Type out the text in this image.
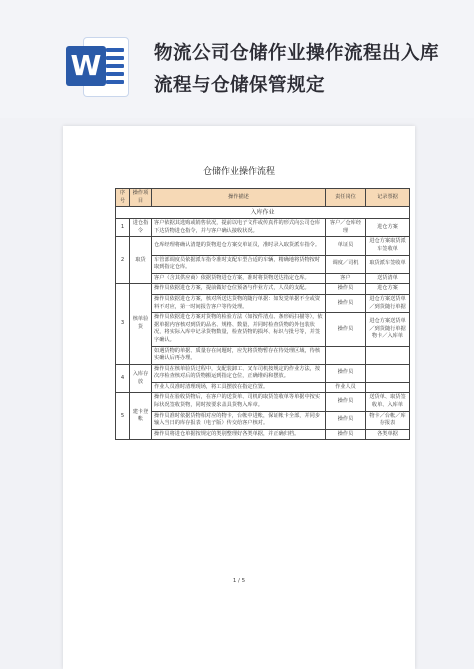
W	物流公司仓储作业操作流程出入库流程与仓储保管规定
仓储作业操作流程
序号	操作项目	操作描述	责任岗位	记录票据
入库作业				
1	进仓指令	客户依据其选购或销售状况，提前以电子文件或传真件的形式向公司仓库下达货物进仓指令，并与客户确认接收状况。	客户／仓库经理	进仓方案
2	取货	仓库经理将确认清楚的货物进仓方案交单证员，准时录入取货派车指令。	单证员	进仓方案取货派车签收单
		车管部调度员依据派车指令准时支配车型合适的车辆，精确地将货物按时取到指定仓库。	调度／司机	取货派车签收单
		客户（含其供应商）依据货物进仓方案，准时将货物送达指定仓库。	客户	送货清单
3	核单验货	操作员依据进仓方案，提前做好仓位预备与作业方式，人员的支配。	操作员	进仓方案
		操作员依据进仓方案，核对所送达货物的随行单据：如发觉单据不全或资料不对应，第一时间报告客户等待处理。	操作员	进仓方案送货单／到货随行单据
		操作员依据进仓方案对货物的检验方法（如按件清点、条形码扫描等），依据单据内容核对到货的品名、规格、数量，并同时检查货物的外包装状况，将实际入库中记录货物数量，检查货物的损坏、标识与批号等，并签字确认。	操作员	进仓方案送货单／到货随行单据物卡／入库单
		如遇货物的单据、质量存在问题时，应先将货物暂存在待处理区域，待核实确认后再办理。		
4	入库存放	操作员在核单验货过程中，支配装卸工、叉车司机按规定的作业方法，按次序检查核对后的货物搬运到指定仓位，正确堆码和摆放。	操作员	
		作业人员准时清理现场，将工具摆放在指定位置。	作业人员	
5	建卡登帐	操作员在验收货物后，在客户的送货单、司机的取货签收单等单据中按实际状况签收货物，同时按要求盖具货物入库章。	操作员	送货单、取货签收单、入库单
		操作员准时依据货物相对应的物卡，台帐中进帐，保证帐卡全部，并同步输入当日的库存报表（电子版）传交给客户核对。	操作员	物卡／台帐／库存报表
		操作员将进仓单据按规定的类别整理好各类单据，并正确归档。	操作员	各类单据
1 / 5
